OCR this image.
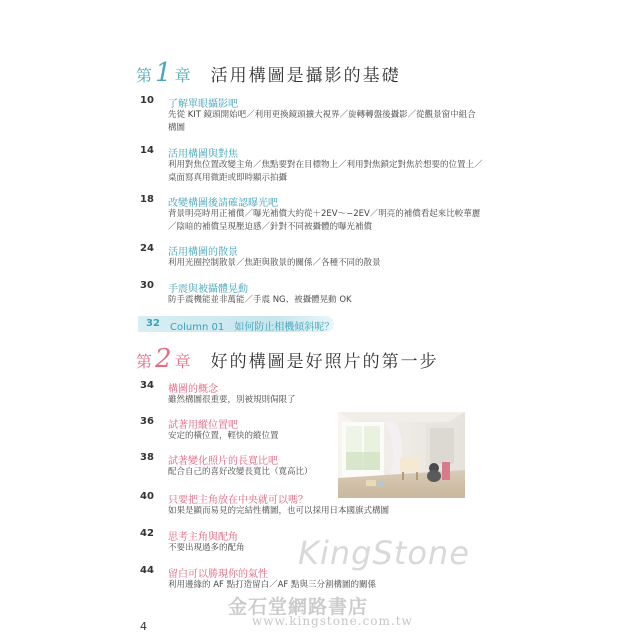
第 1 章 活用構圖是攝影的基礎
10	了解單眼攝影吧
先從 KIT 鏡頭開始吧／利用更換鏡頭擴大視界／旋轉轉盤後攝影／從觀景窗中組合構圖
14	活用構圖與對焦
利用對焦位置改變主角／焦點要對在目標物上／利用對焦鎖定對焦於想要的位置上／桌面寫真用微距或即時顯示拍攝
18	改變構圖後請確認曝光吧
背景明亮時用正補償／曝光補償大約從＋2EV〜−2EV／明亮的補償看起來比較華麗／陰暗的補償呈現壓迫感／針對不同被攝體的曝光補償
24	活用構圖的散景
利用光圈控制散景／焦距與散景的關係／各種不同的散景
30	手震與被攝體晃動
防手震機能並非萬能／手震 NG、被攝體晃動 OK
32 Column 01　如何防止相機傾斜呢？
第 2 章 好的構圖是好照片的第一步
34	構圖的概念
雖然構圖很重要，別被規則侷限了
36	試著用縱位置吧
安定的橫位置，輕快的縱位置
38	試著變化照片的長寬比吧
配合自己的喜好改變長寬比（寬高比）
40	只要把主角放在中央就可以嗎？
如果是顯而易見的完結性構圖，也可以採用日本國旗式構圖
42	思考主角與配角
不要出現過多的配角
44	留白可以勝現你的氣性
利用邊緣的 AF 點打造留白／AF 點與三分割構圖的關係
KingStone
金石堂網路書店
www.kingstone.com.tw
4
